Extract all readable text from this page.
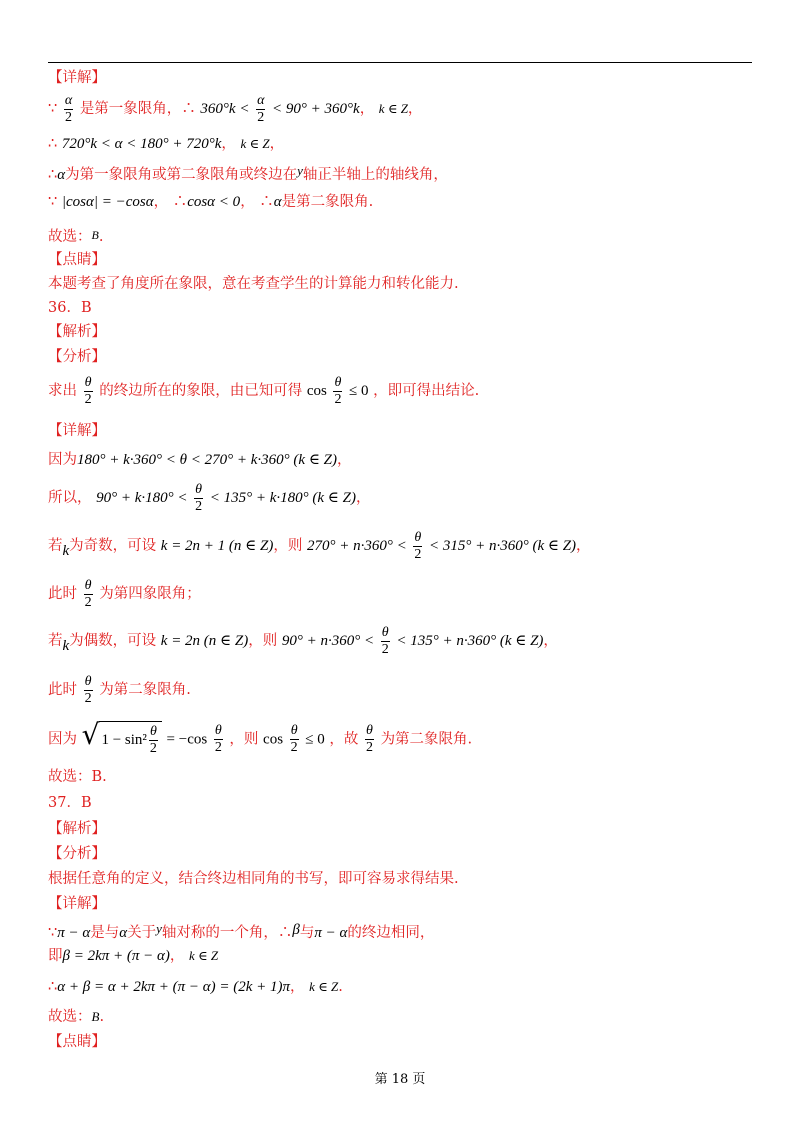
【详解】
∵ $\frac{\alpha}{2}$ 是第一象限角，∴ $360^\circ k < \frac{\alpha}{2} < 90^\circ + 360^\circ k$， k ∈ Z，
∴ 720°k < α < 180° + 720°k， k ∈ Z，
∴α为第一象限角或第二象限角或终边在y轴正半轴上的轴线角，
∵ |cosα| = −cosα， ∴cosα < 0， ∴α是第二象限角.
故选：B.
【点睛】
本题考查了角度所在象限，意在考查学生的计算能力和转化能力.
36．B
【解析】
【分析】
求出 $\frac{\theta}{2}$ 的终边所在的象限，由已知可得 $\cos \frac{\theta}{2} \le 0$ ，即可得出结论.
【详解】
因为180° + k·360° < θ < 270° + k·360° (k ∈ Z)，
所以， $90^\circ + k\cdot 180^\circ < \frac{\theta}{2} < 135^\circ + k\cdot 180^\circ$ (k ∈ Z)，
若k为奇数，可设 k = 2n + 1 (n ∈ Z)，则 $270^\circ + n\cdot 360^\circ < \frac{\theta}{2} < 315^\circ + n\cdot 360^\circ$ (k ∈ Z)，
此时 $\frac{\theta}{2}$ 为第四象限角；
若k为偶数，可设 k = 2n (n ∈ Z)，则 $90^\circ + n\cdot 360^\circ < \frac{\theta}{2} < 135^\circ + n\cdot 360^\circ$ (k ∈ Z)，
此时 $\frac{\theta}{2}$ 为第二象限角.
因为 √ $1 - \sin^2 \frac{\theta}{2} = -\cos \frac{\theta}{2}$ ，则 $\cos \frac{\theta}{2} \le 0$ ，故 $\frac{\theta}{2}$ 为第二象限角.
故选：B.
37．B
【解析】
【分析】
根据任意角的定义，结合终边相同角的书写，即可容易求得结果.
【详解】
∵π − α是与α关于y轴对称的一个角，∴β与π − α的终边相同，
即β = 2kπ + (π − α)， k ∈ Z
∴α + β = α + 2kπ + (π − α) = (2k + 1)π， k ∈ Z.
故选：B.
【点睛】
第 18 页
